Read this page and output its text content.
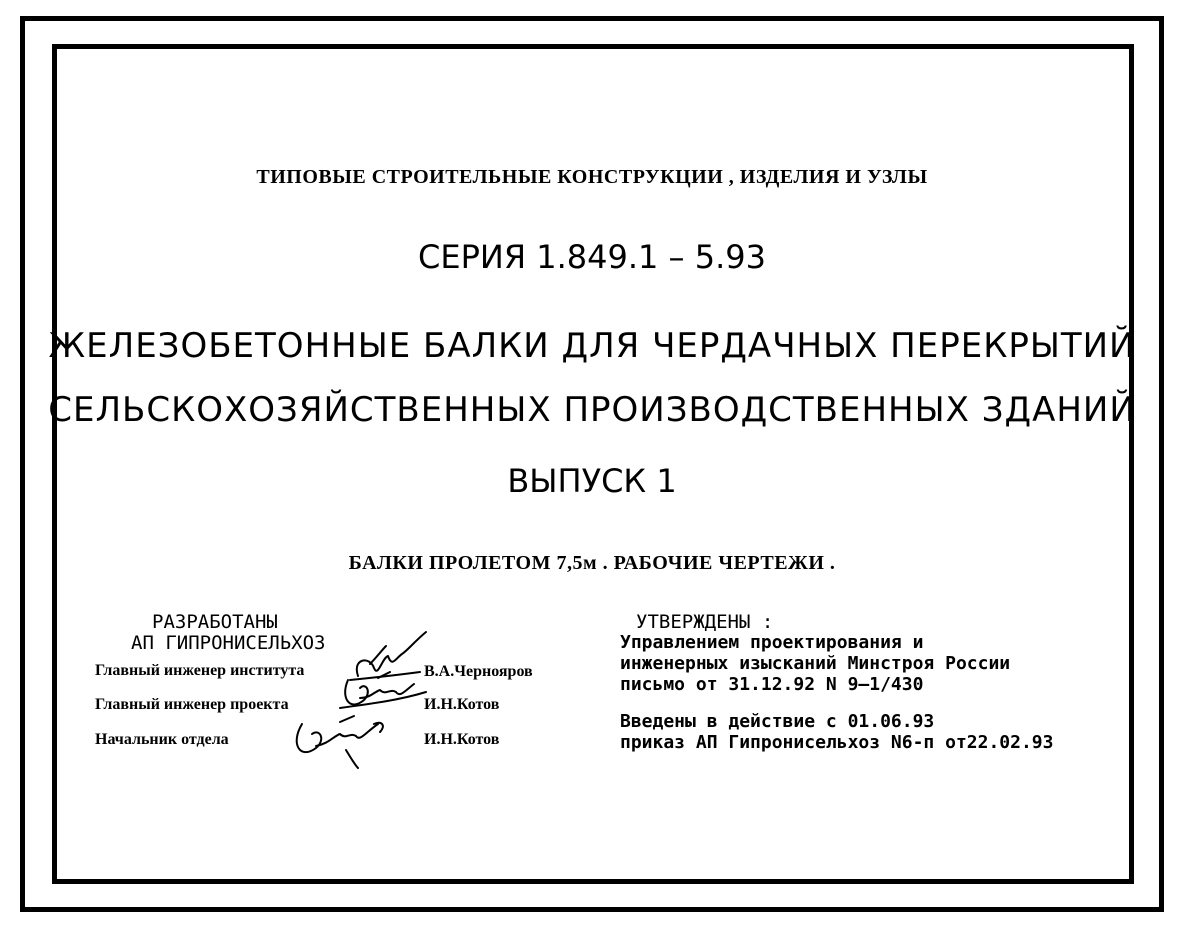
ТИПОВЫЕ СТРОИТЕЛЬНЫЕ КОНСТРУКЦИИ , ИЗДЕЛИЯ И УЗЛЫ
СЕРИЯ 1.849.1 – 5.93
ЖЕЛЕЗОБЕТОННЫЕ БАЛКИ ДЛЯ ЧЕРДАЧНЫХ ПЕРЕКРЫТИЙ
СЕЛЬСКОХОЗЯЙСТВЕННЫХ ПРОИЗВОДСТВЕННЫХ ЗДАНИЙ
ВЫПУСК 1
БАЛКИ ПРОЛЕТОМ 7,5м . РАБОЧИЕ ЧЕРТЕЖИ .
РАЗРАБОТАНЫ
АП ГИПРОНИСЕЛЬХОЗ
Главный инженер института	В.А.Чернояров
Главный инженер проекта	И.Н.Котов
Начальник отдела	И.Н.Котов
УТВЕРЖДЕНЫ :
Управлением проектирования и
инженерных изысканий Минстроя России
письмо от 31.12.92 N 9–1/430
Введены в действие с 01.06.93
приказ АП Гипронисельхоз N6-п от22.02.93
